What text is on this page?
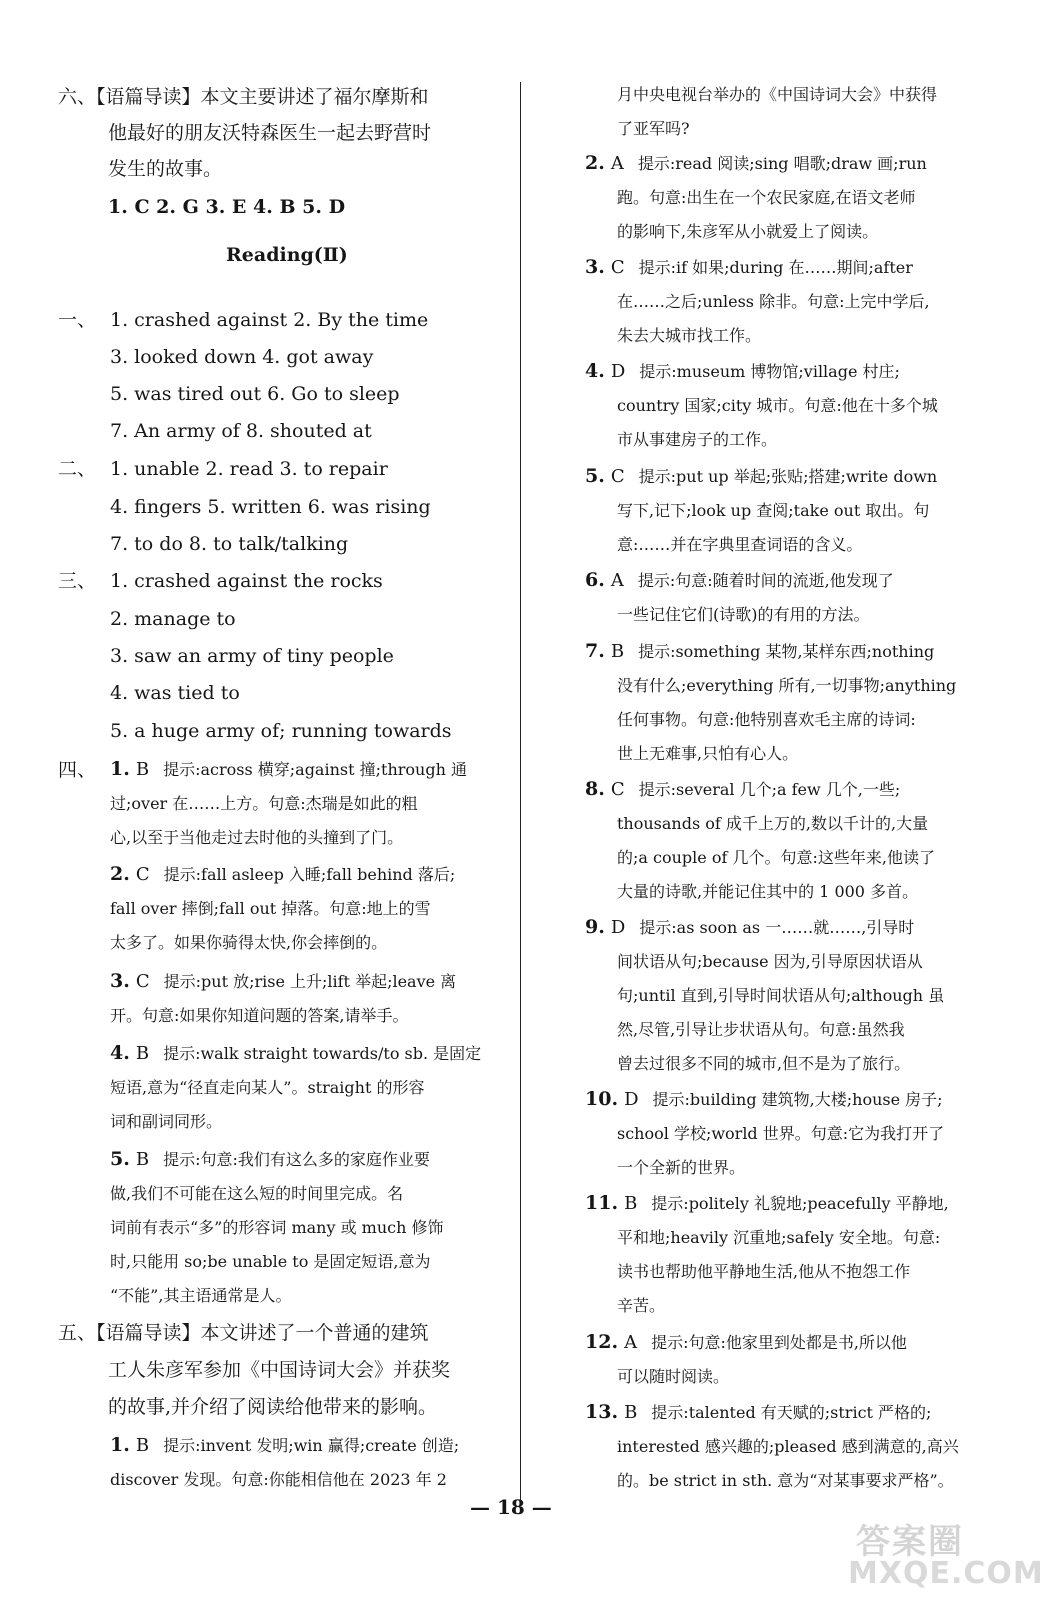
六、【语篇导读】本文主要讲述了福尔摩斯和
他最好的朋友沃特森医生一起去野营时
发生的故事。
1. C 2. G 3. E 4. B 5. D
Reading(Ⅱ)
一、 1. crashed against 2. By the time
3. looked down 4. got away
5. was tired out 6. Go to sleep
7. An army of 8. shouted at
二、 1. unable 2. read 3. to repair
4. fingers 5. written 6. was rising
7. to do 8. to talk/talking
三、 1. crashed against the rocks
2. manage to
3. saw an army of tiny people
4. was tied to
5. a huge army of; running towards
四、 1. B 提示:across 横穿;against 撞;through 通
过;over 在……上方。句意:杰瑞是如此的粗
心,以至于当他走过去时他的头撞到了门。
2. C 提示:fall asleep 入睡;fall behind 落后;
fall over 摔倒;fall out 掉落。句意:地上的雪
太多了。如果你骑得太快,你会摔倒的。
3. C 提示:put 放;rise 上升;lift 举起;leave 离
开。句意:如果你知道问题的答案,请举手。
4. B 提示:walk straight towards/to sb. 是固定
短语,意为“径直走向某人”。straight 的形容
词和副词同形。
5. B 提示:句意:我们有这么多的家庭作业要
做,我们不可能在这么短的时间里完成。名
词前有表示“多”的形容词 many 或 much 修饰
时,只能用 so;be unable to 是固定短语,意为
“不能”,其主语通常是人。
五、【语篇导读】本文讲述了一个普通的建筑
工人朱彦军参加《中国诗词大会》并获奖
的故事,并介绍了阅读给他带来的影响。
1. B 提示:invent 发明;win 赢得;create 创造;
discover 发现。句意:你能相信他在 2023 年 2
月中央电视台举办的《中国诗词大会》中获得
了亚军吗?
2. A 提示:read 阅读;sing 唱歌;draw 画;run
跑。句意:出生在一个农民家庭,在语文老师
的影响下,朱彦军从小就爱上了阅读。
3. C 提示:if 如果;during 在……期间;after
在……之后;unless 除非。句意:上完中学后,
朱去大城市找工作。
4. D 提示:museum 博物馆;village 村庄;
country 国家;city 城市。句意:他在十多个城
市从事建房子的工作。
5. C 提示:put up 举起;张贴;搭建;write down
写下,记下;look up 查阅;take out 取出。句
意:……并在字典里查词语的含义。
6. A 提示:句意:随着时间的流逝,他发现了
一些记住它们(诗歌)的有用的方法。
7. B 提示:something 某物,某样东西;nothing
没有什么;everything 所有,一切事物;anything
任何事物。句意:他特别喜欢毛主席的诗词:
世上无难事,只怕有心人。
8. C 提示:several 几个;a few 几个,一些;
thousands of 成千上万的,数以千计的,大量
的;a couple of 几个。句意:这些年来,他读了
大量的诗歌,并能记住其中的 1 000 多首。
9. D 提示:as soon as 一……就……,引导时
间状语从句;because 因为,引导原因状语从
句;until 直到,引导时间状语从句;although 虽
然,尽管,引导让步状语从句。句意:虽然我
曾去过很多不同的城市,但不是为了旅行。
10. D 提示:building 建筑物,大楼;house 房子;
school 学校;world 世界。句意:它为我打开了
一个全新的世界。
11. B 提示:politely 礼貌地;peacefully 平静地,
平和地;heavily 沉重地;safely 安全地。句意:
读书也帮助他平静地生活,他从不抱怨工作
辛苦。
12. A 提示:句意:他家里到处都是书,所以他
可以随时阅读。
13. B 提示:talented 有天赋的;strict 严格的;
interested 感兴趣的;pleased 感到满意的,高兴
的。be strict in sth. 意为“对某事要求严格”。
— 18 —
答案圈
MXQE.COM
